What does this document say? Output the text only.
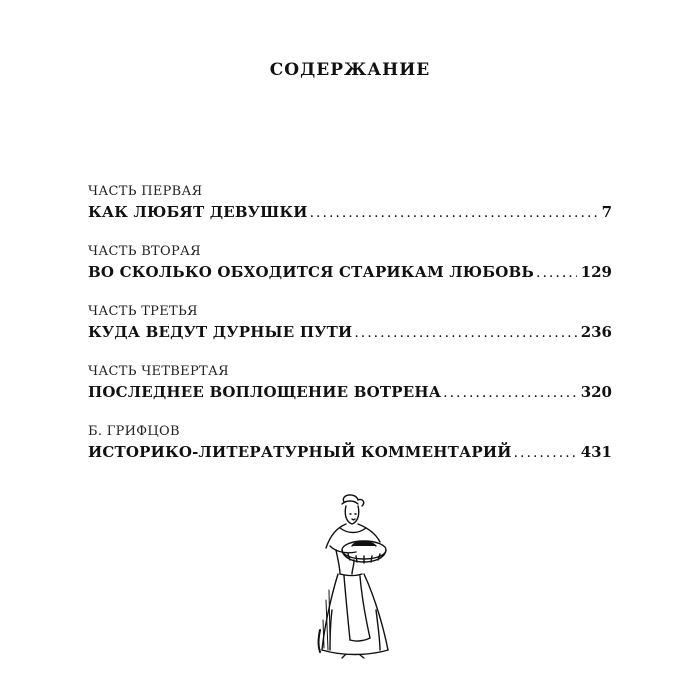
СОДЕРЖАНИЕ
ЧАСТЬ ПЕРВАЯ
КАК ЛЮБЯТ ДЕВУШКИ .....	7
ЧАСТЬ ВТОРАЯ
ВО СКОЛЬКО ОБХОДИТСЯ СТАРИКАМ ЛЮБОВЬ .....	129
ЧАСТЬ ТРЕТЬЯ
КУДА ВЕДУТ ДУРНЫЕ ПУТИ .....	236
ЧАСТЬ ЧЕТВЕРТАЯ
ПОСЛЕДНЕЕ ВОПЛОЩЕНИЕ ВОТРЕНА .....	320
Б. ГРИФЦОВ
ИСТОРИКО-ЛИТЕРАТУРНЫЙ КОММЕНТАРИЙ .....	431
